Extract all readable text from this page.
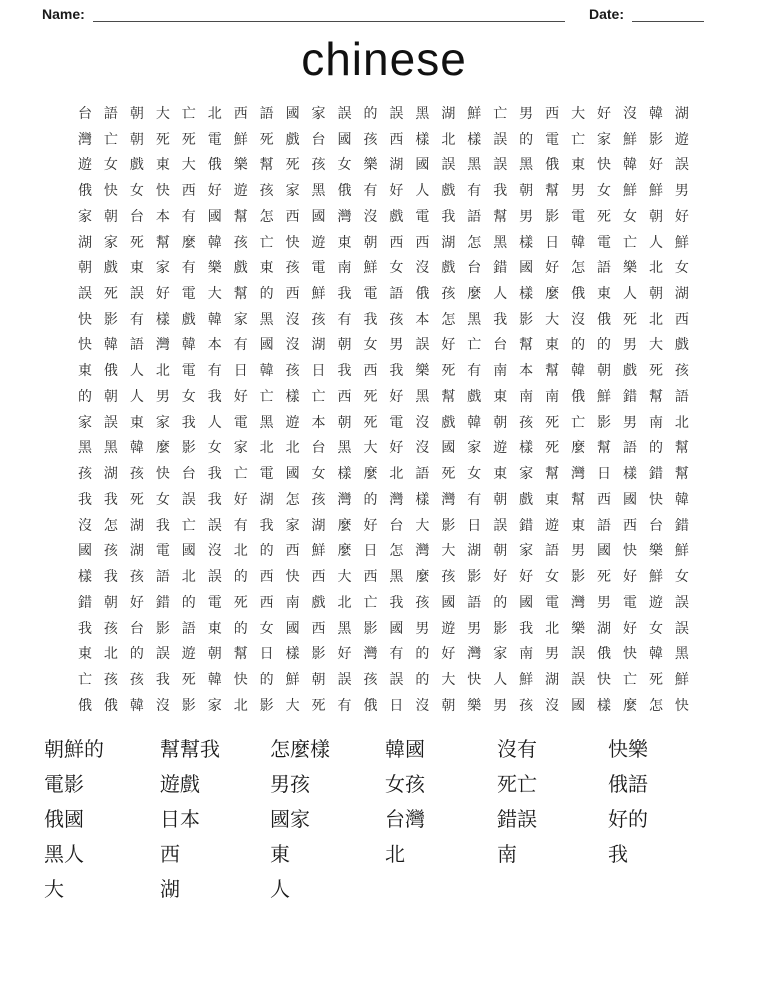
Name:	Date:
chinese
台 語 朝 大 亡 北 西 語 國 家 誤 的 誤 黑 湖 鮮 亡 男 西 大 好 沒 韓 湖
灣 亡 朝 死 死 電 鮮 死 戲 台 國 孩 西 樣 北 樣 誤 的 電 亡 家 鮮 影 遊
遊 女 戲 東 大 俄 樂 幫 死 孩 女 樂 湖 國 誤 黑 誤 黑 俄 東 快 韓 好 誤
俄 快 女 快 西 好 遊 孩 家 黑 俄 有 好 人 戲 有 我 朝 幫 男 女 鮮 鮮 男
家 朝 台 本 有 國 幫 怎 西 國 灣 沒 戲 電 我 語 幫 男 影 電 死 女 朝 好
湖 家 死 幫 麼 韓 孩 亡 快 遊 東 朝 西 西 湖 怎 黑 樣 日 韓 電 亡 人 鮮
朝 戲 東 家 有 樂 戲 東 孩 電 南 鮮 女 沒 戲 台 錯 國 好 怎 語 樂 北 女
誤 死 誤 好 電 大 幫 的 西 鮮 我 電 語 俄 孩 麼 人 樣 麼 俄 東 人 朝 湖
快 影 有 樣 戲 韓 家 黑 沒 孩 有 我 孩 本 怎 黑 我 影 大 沒 俄 死 北 西
快 韓 語 灣 韓 本 有 國 沒 湖 朝 女 男 誤 好 亡 台 幫 東 的 的 男 大 戲
東 俄 人 北 電 有 日 韓 孩 日 我 西 我 樂 死 有 南 本 幫 韓 朝 戲 死 孩
的 朝 人 男 女 我 好 亡 樣 亡 西 死 好 黑 幫 戲 東 南 南 俄 鮮 錯 幫 語
家 誤 東 家 我 人 電 黑 遊 本 朝 死 電 沒 戲 韓 朝 孩 死 亡 影 男 南 北
黑 黑 韓 麼 影 女 家 北 北 台 黑 大 好 沒 國 家 遊 樣 死 麼 幫 語 的 幫
孩 湖 孩 快 台 我 亡 電 國 女 樣 麼 北 語 死 女 東 家 幫 灣 日 樣 錯 幫
我 我 死 女 誤 我 好 湖 怎 孩 灣 的 灣 樣 灣 有 朝 戲 東 幫 西 國 快 韓
沒 怎 湖 我 亡 誤 有 我 家 湖 麼 好 台 大 影 日 誤 錯 遊 東 語 西 台 錯
國 孩 湖 電 國 沒 北 的 西 鮮 麼 日 怎 灣 大 湖 朝 家 語 男 國 快 樂 鮮
樣 我 孩 語 北 誤 的 西 快 西 大 西 黑 麼 孩 影 好 好 女 影 死 好 鮮 女
錯 朝 好 錯 的 電 死 西 南 戲 北 亡 我 孩 國 語 的 國 電 灣 男 電 遊 誤
我 孩 台 影 語 東 的 女 國 西 黑 影 國 男 遊 男 影 我 北 樂 湖 好 女 誤
東 北 的 誤 遊 朝 幫 日 樣 影 好 灣 有 的 好 灣 家 南 男 誤 俄 快 韓 黑
亡 孩 孩 我 死 韓 快 的 鮮 朝 誤 孩 誤 的 大 快 人 鮮 湖 誤 快 亡 死 鮮
俄 俄 韓 沒 影 家 北 影 大 死 有 俄 日 沒 朝 樂 男 孩 沒 國 樣 麼 怎 快
朝鮮的
電影
俄國
黑人
大
幫幫我
遊戲
日本
西
湖
怎麼樣
男孩
國家
東
人
韓國
女孩
台灣
北
沒有
死亡
錯誤
南
快樂
俄語
好的
我
